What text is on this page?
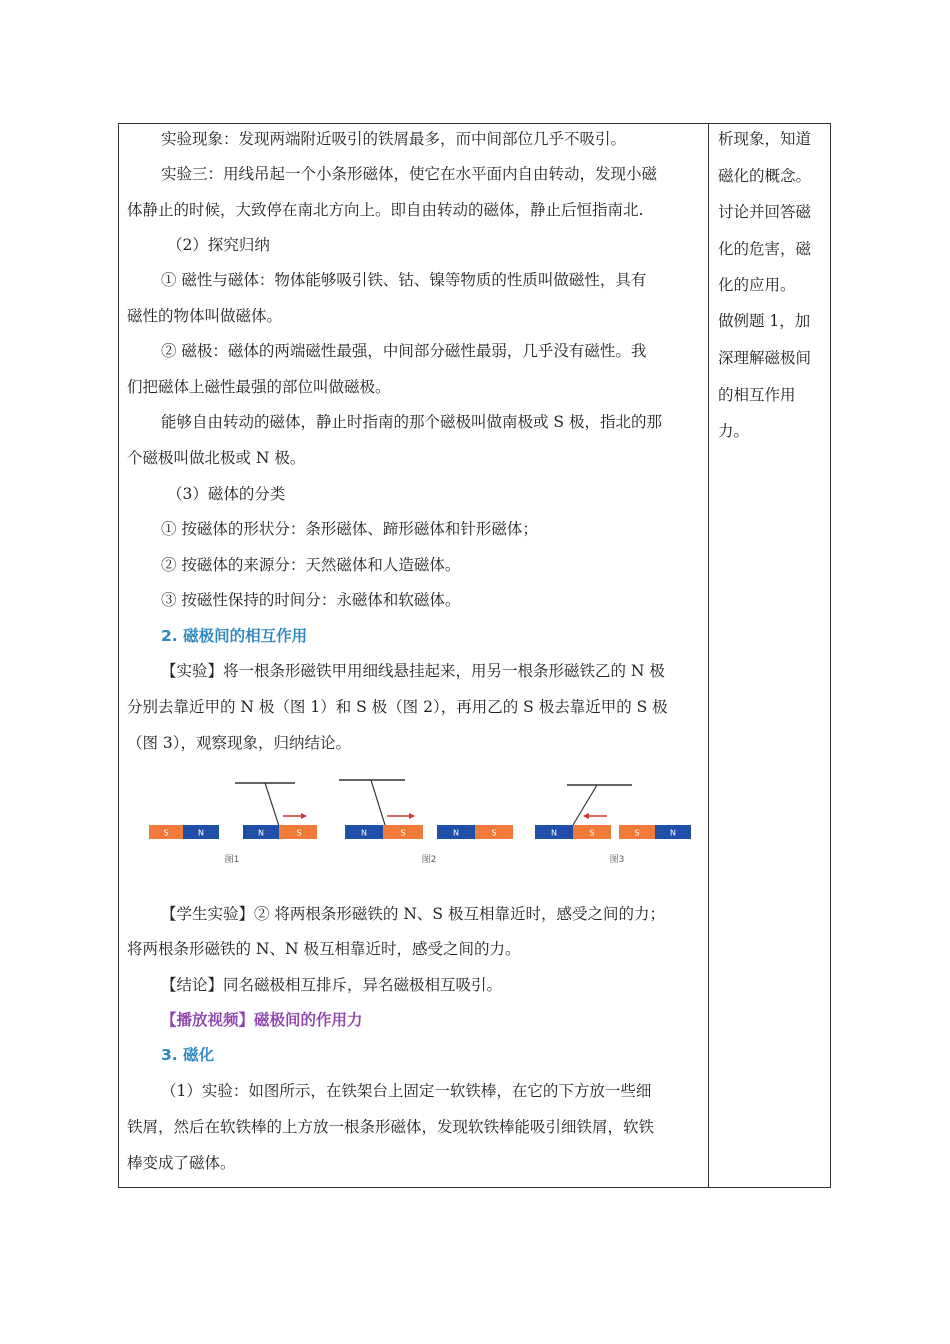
实验现象：发现两端附近吸引的铁屑最多，而中间部位几乎不吸引。
实验三：用线吊起一个小条形磁体，使它在水平面内自由转动，发现小磁
体静止的时候，大致停在南北方向上。即自由转动的磁体，静止后恒指南北.
（2）探究归纳
① 磁性与磁体：物体能够吸引铁、钴、镍等物质的性质叫做磁性，具有
磁性的物体叫做磁体。
② 磁极：磁体的两端磁性最强，中间部分磁性最弱，几乎没有磁性。我
们把磁体上磁性最强的部位叫做磁极。
能够自由转动的磁体，静止时指南的那个磁极叫做南极或 S 极，指北的那
个磁极叫做北极或 N 极。
（3）磁体的分类
① 按磁体的形状分：条形磁体、蹄形磁体和针形磁体；
② 按磁体的来源分：天然磁体和人造磁体。
③ 按磁性保持的时间分：永磁体和软磁体。
2. 磁极间的相互作用
【实验】将一根条形磁铁甲用细线悬挂起来，用另一根条形磁铁乙的 N 极
分别去靠近甲的 N 极（图 1）和 S 极（图 2），再用乙的 S 极去靠近甲的 S 极
（图 3），观察现象，归纳结论。
【学生实验】② 将两根条形磁铁的 N、S 极互相靠近时，感受之间的力；
将两根条形磁铁的 N、N 极互相靠近时，感受之间的力。
【结论】同名磁极相互排斥，异名磁极相互吸引。
【播放视频】磁极间的作用力
3. 磁化
（1）实验：如图所示，在铁架台上固定一软铁棒，在它的下方放一些细
铁屑，然后在软铁棒的上方放一根条形磁体，发现软铁棒能吸引细铁屑，软铁
棒变成了磁体。
S	N	N	S
图1
N	S	N	S
图2
N	S	S	N
图3
析现象，知道
磁化的概念。
讨论并回答磁
化的危害，磁
化的应用。
做例题 1，加
深理解磁极间
的相互作用
力。
